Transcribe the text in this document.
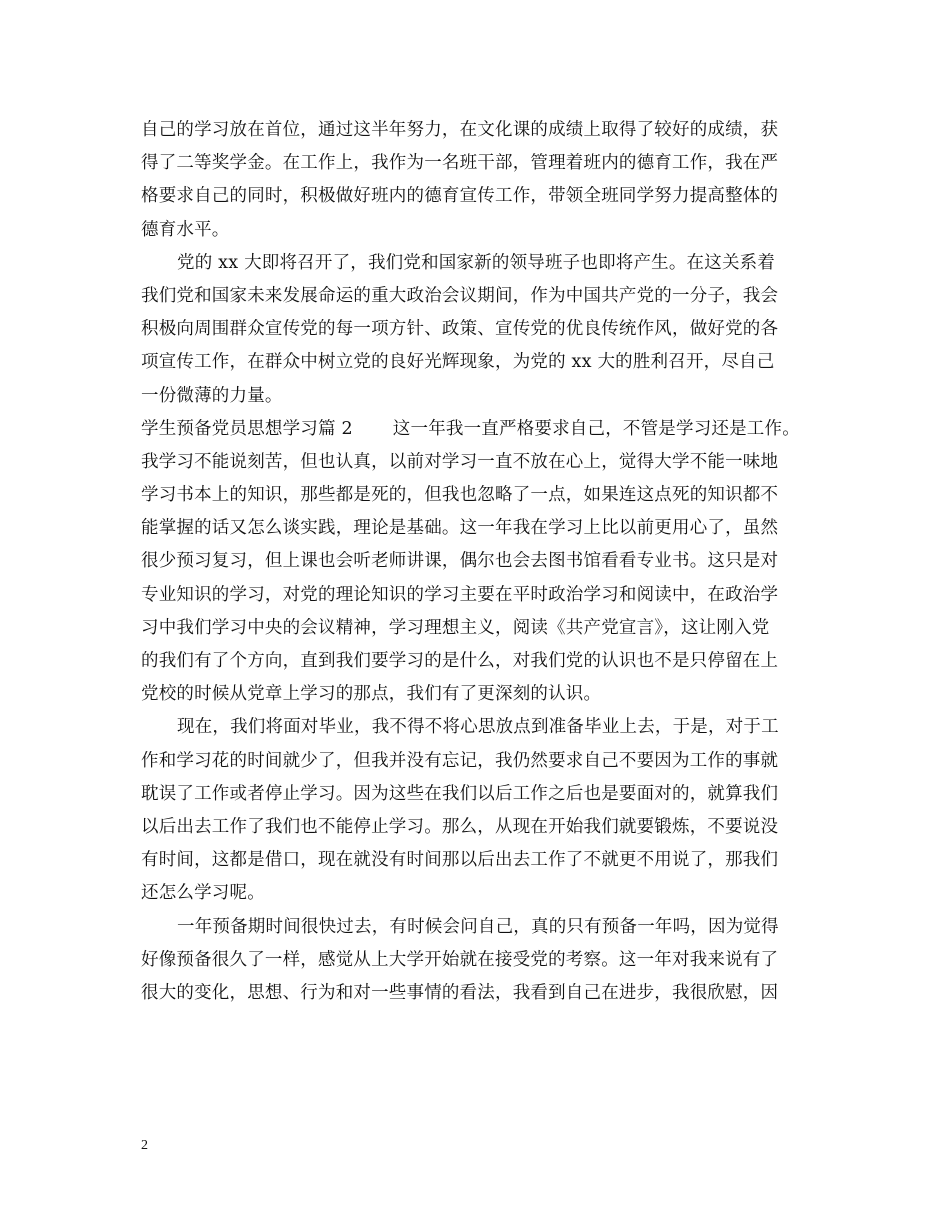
自己的学习放在首位，通过这半年努力，在文化课的成绩上取得了较好的成绩，获
得了二等奖学金。在工作上，我作为一名班干部，管理着班内的德育工作，我在严
格要求自己的同时，积极做好班内的德育宣传工作，带领全班同学努力提高整体的
德育水平。
党的 xx 大即将召开了，我们党和国家新的领导班子也即将产生。在这关系着
我们党和国家未来发展命运的重大政治会议期间，作为中国共产党的一分子，我会
积极向周围群众宣传党的每一项方针、政策、宣传党的优良传统作风，做好党的各
项宣传工作，在群众中树立党的良好光辉现象，为党的 xx 大的胜利召开，尽自己
一份微薄的力量。
学生预备党员思想学习篇 2 这一年我一直严格要求自己，不管是学习还是工作。
我学习不能说刻苦，但也认真，以前对学习一直不放在心上，觉得大学不能一味地
学习书本上的知识，那些都是死的，但我也忽略了一点，如果连这点死的知识都不
能掌握的话又怎么谈实践，理论是基础。这一年我在学习上比以前更用心了，虽然
很少预习复习，但上课也会听老师讲课，偶尔也会去图书馆看看专业书。这只是对
专业知识的学习，对党的理论知识的学习主要在平时政治学习和阅读中，在政治学
习中我们学习中央的会议精神，学习理想主义，阅读《共产党宣言》，这让刚入党
的我们有了个方向，直到我们要学习的是什么，对我们党的认识也不是只停留在上
党校的时候从党章上学习的那点，我们有了更深刻的认识。
现在，我们将面对毕业，我不得不将心思放点到准备毕业上去，于是，对于工
作和学习花的时间就少了，但我并没有忘记，我仍然要求自己不要因为工作的事就
耽误了工作或者停止学习。因为这些在我们以后工作之后也是要面对的，就算我们
以后出去工作了我们也不能停止学习。那么，从现在开始我们就要锻炼，不要说没
有时间，这都是借口，现在就没有时间那以后出去工作了不就更不用说了，那我们
还怎么学习呢。
一年预备期时间很快过去，有时候会问自己，真的只有预备一年吗，因为觉得
好像预备很久了一样，感觉从上大学开始就在接受党的考察。这一年对我来说有了
很大的变化，思想、行为和对一些事情的看法，我看到自己在进步，我很欣慰，因
2
